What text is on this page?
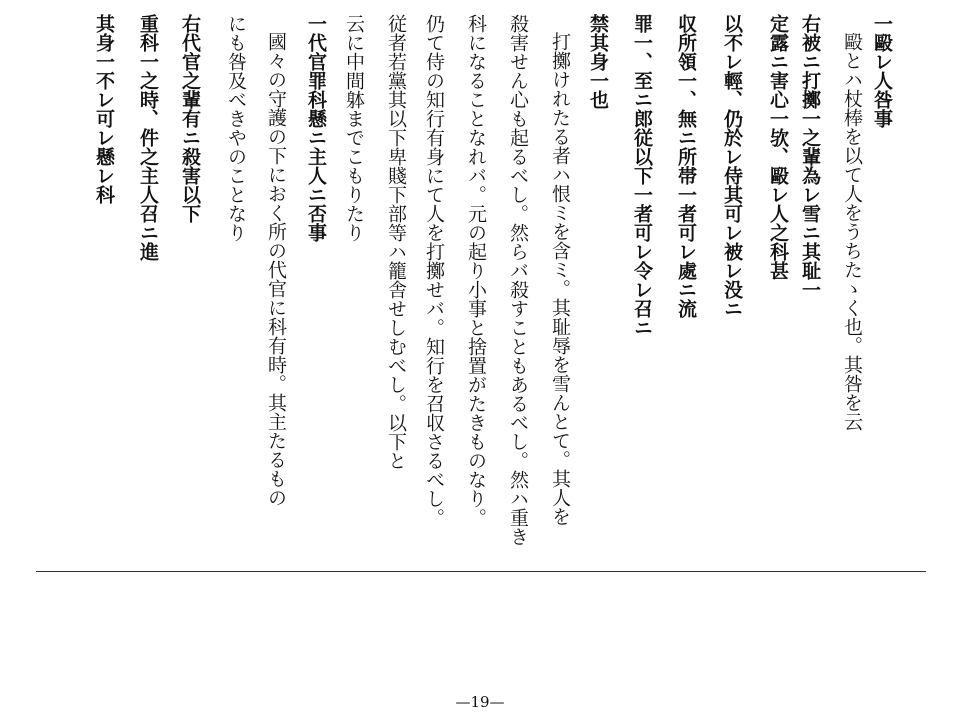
一毆レ人咎事
毆とハ杖棒を以て人をうちたゝく也。其咎を云
右被ニ打擲一之輩為レ雪ニ其耻一
定露ニ害心一欤、毆レ人之科甚
以不レ輕、仍於レ侍其可レ被レ没ニ
収所領一、無ニ所帯一者可レ處ニ流
罪一、至ニ郎従以下一者可レ令レ召ニ
禁其身一也
打擲けれたる者ハ恨ミを含ミ。其耻辱を雪んとて。其人を
殺害せん心も起るべし。然らバ殺すこともあるべし。然ハ重き
科になることなれバ。元の起り小事と捨置がたきものなり。
仍て侍の知行有身にて人を打擲せバ。知行を召収さるべし。
従者若黨其以下卑賤下部等ハ籠舎せしむべし。以下と
云に中間躰までこもりたり
一代官罪科懸ニ主人ニ否事
國々の守護の下におく所の代官に科有時。其主たるもの
にも咎及べきやのことなり
右代官之輩有ニ殺害以下
重科一之時、件之主人召ニ進
其身一不レ可レ懸レ科
—19—
